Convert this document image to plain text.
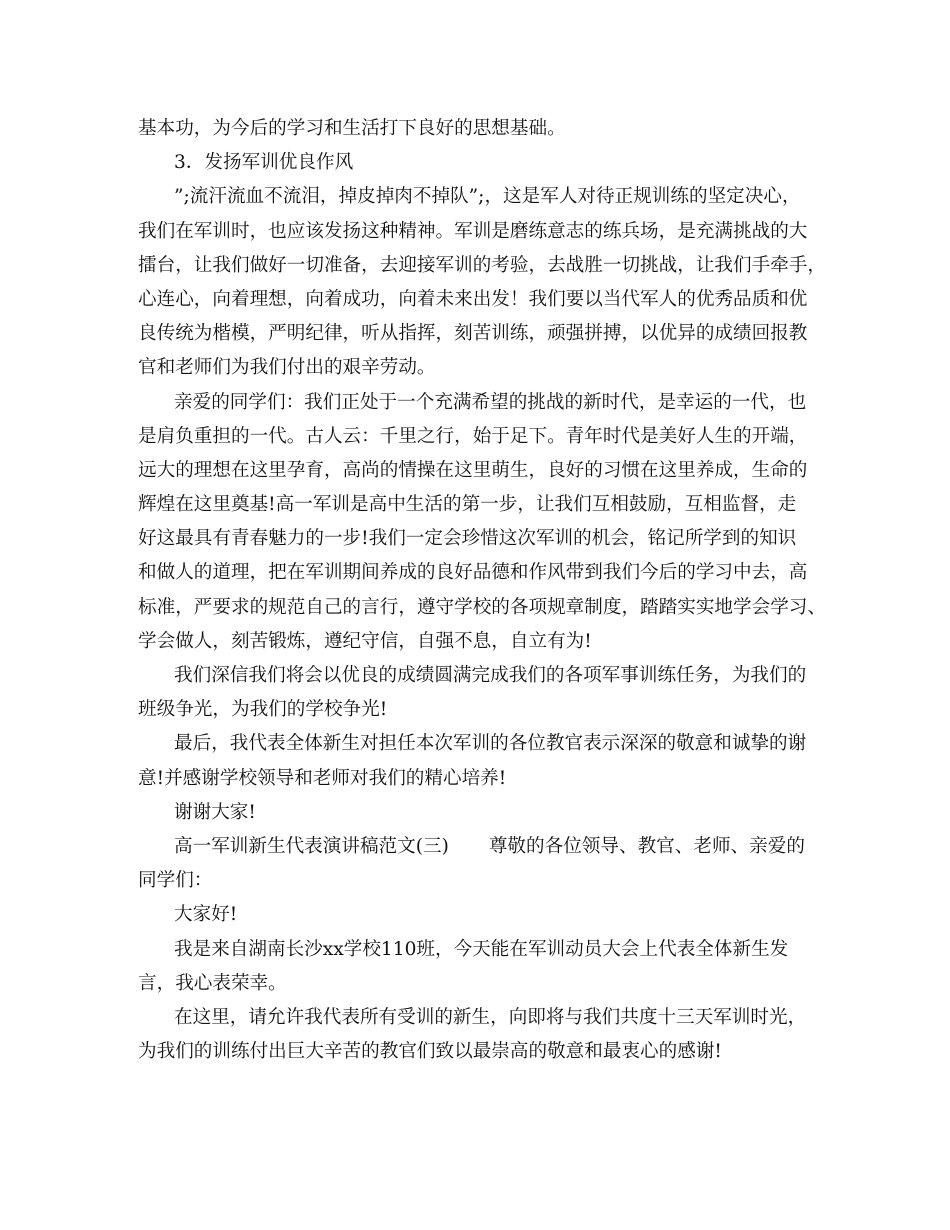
基本功，为今后的学习和生活打下良好的思想基础。
3．发扬军训优良作风
”;流汗流血不流泪，掉皮掉肉不掉队”;，这是军人对待正规训练的坚定决心，
我们在军训时，也应该发扬这种精神。军训是磨练意志的练兵场，是充满挑战的大
擂台，让我们做好一切准备，去迎接军训的考验，去战胜一切挑战，让我们手牵手，
心连心，向着理想，向着成功，向着未来出发！我们要以当代军人的优秀品质和优
良传统为楷模，严明纪律，听从指挥，刻苦训练，顽强拼搏，以优异的成绩回报教
官和老师们为我们付出的艰辛劳动。
亲爱的同学们：我们正处于一个充满希望的挑战的新时代，是幸运的一代，也
是肩负重担的一代。古人云：千里之行，始于足下。青年时代是美好人生的开端，
远大的理想在这里孕育，高尚的情操在这里萌生，良好的习惯在这里养成，生命的
辉煌在这里奠基!高一军训是高中生活的第一步，让我们互相鼓励，互相监督，走
好这最具有青春魅力的一步!我们一定会珍惜这次军训的机会，铭记所学到的知识
和做人的道理，把在军训期间养成的良好品德和作风带到我们今后的学习中去，高
标准，严要求的规范自己的言行，遵守学校的各项规章制度，踏踏实实地学会学习、
学会做人，刻苦锻炼，遵纪守信，自强不息，自立有为!
我们深信我们将会以优良的成绩圆满完成我们的各项军事训练任务，为我们的
班级争光，为我们的学校争光!
最后，我代表全体新生对担任本次军训的各位教官表示深深的敬意和诚挚的谢
意!并感谢学校领导和老师对我们的精心培养!
谢谢大家!
高一军训新生代表演讲稿范文(三) 尊敬的各位领导、教官、老师、亲爱的
同学们：
大家好!
我是来自湖南长沙xx学校110班，今天能在军训动员大会上代表全体新生发
言，我心表荣幸。
在这里，请允许我代表所有受训的新生，向即将与我们共度十三天军训时光，
为我们的训练付出巨大辛苦的教官们致以最崇高的敬意和最衷心的感谢!
